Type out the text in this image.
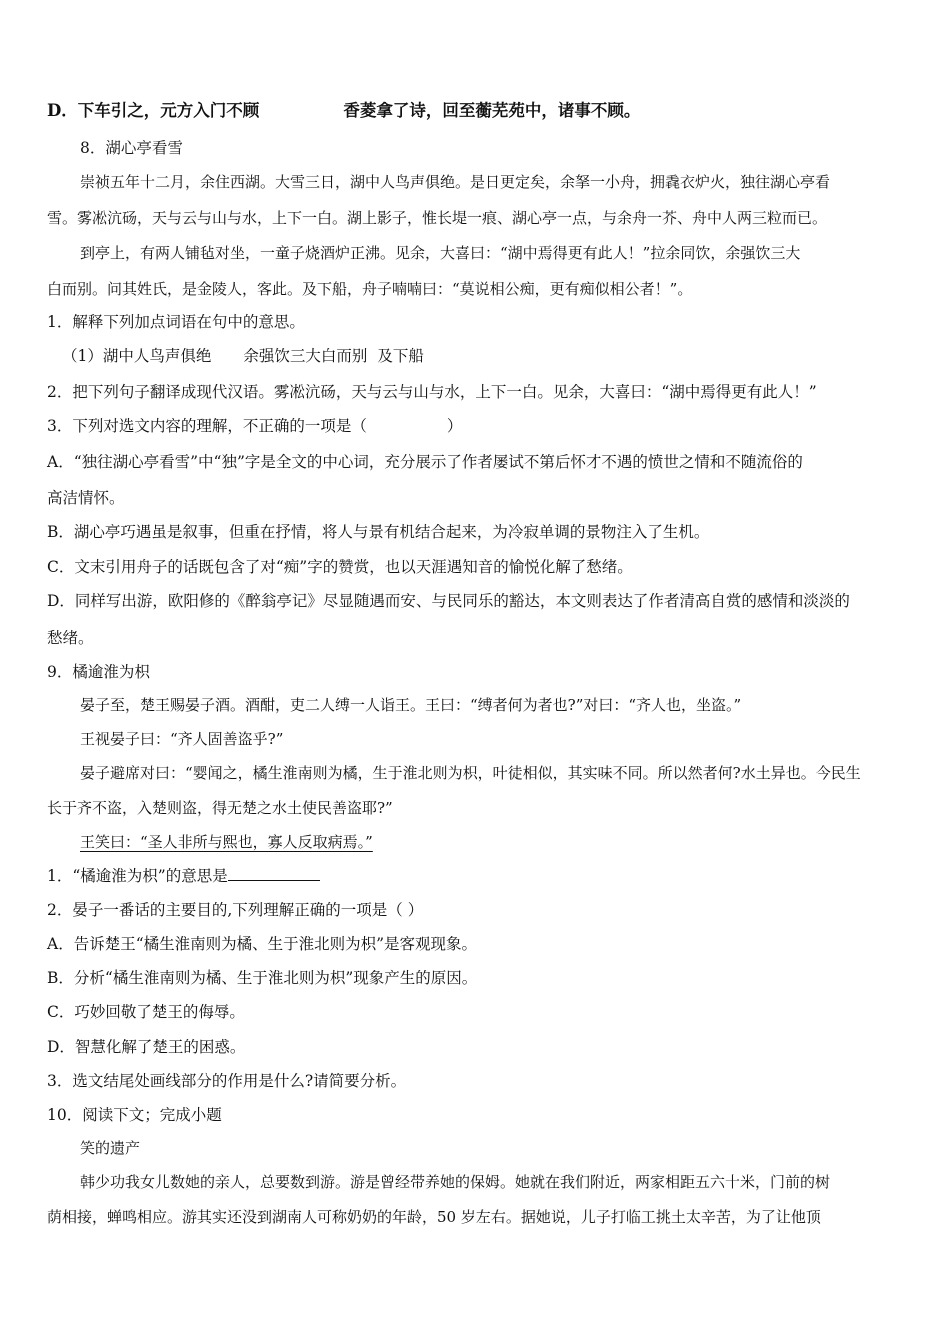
D．下车引之，元方入门不顾	香菱拿了诗，回至蘅芜苑中，诸事不顾。
8．湖心亭看雪
崇祯五年十二月，余住西湖。大雪三日，湖中人鸟声俱绝。是日更定矣，余拏一小舟，拥毳衣炉火，独往湖心亭看
雪。雾凇沆砀，天与云与山与水，上下一白。湖上影子，惟长堤一痕、湖心亭一点，与余舟一芥、舟中人两三粒而已。
到亭上，有两人铺毡对坐，一童子烧酒炉正沸。见余，大喜曰：“湖中焉得更有此人！”拉余同饮，余强饮三大
白而别。问其姓氏，是金陵人，客此。及下船，舟子喃喃曰：“莫说相公痴，更有痴似相公者！”。
1．解释下列加点词语在句中的意思。
（1）湖中人鸟声俱绝 余强饮三大白而别 及下船
2．把下列句子翻译成现代汉语。雾凇沆砀，天与云与山与水，上下一白。见余，大喜曰：“湖中焉得更有此人！”
3．下列对选文内容的理解，不正确的一项是（	）
A．“独往湖心亭看雪”中“独”字是全文的中心词，充分展示了作者屡试不第后怀才不遇的愤世之情和不随流俗的
高洁情怀。
B．湖心亭巧遇虽是叙事，但重在抒情，将人与景有机结合起来，为冷寂单调的景物注入了生机。
C．文末引用舟子的话既包含了对“痴”字的赞赏，也以天涯遇知音的愉悦化解了愁绪。
D．同样写出游，欧阳修的《醉翁亭记》尽显随遇而安、与民同乐的豁达，本文则表达了作者清高自赏的感情和淡淡的
愁绪。
9．橘逾淮为枳
晏子至，楚王赐晏子酒。酒酣，吏二人缚一人诣王。王曰：“缚者何为者也?”对曰：“齐人也，坐盗。”
王视晏子曰：“齐人固善盗乎?”
晏子避席对曰：“婴闻之，橘生淮南则为橘，生于淮北则为枳，叶徒相似，其实味不同。所以然者何?水土异也。今民生
长于齐不盗，入楚则盗，得无楚之水土使民善盗耶?”
王笑曰：“圣人非所与熙也，寡人反取病焉。”
1．“橘逾淮为枳”的意思是
2．晏子一番话的主要目的,下列理解正确的一项是（ ）
A．告诉楚王“橘生淮南则为橘、生于淮北则为枳”是客观现象。
B．分析“橘生淮南则为橘、生于淮北则为枳”现象产生的原因。
C．巧妙回敬了楚王的侮辱。
D．智慧化解了楚王的困惑。
3．选文结尾处画线部分的作用是什么?请简要分析。
10．阅读下文；完成小题
笑的遗产
韩少功我女儿数她的亲人，总要数到游。游是曾经带养她的保姆。她就在我们附近，两家相距五六十米，门前的树
荫相接，蝉鸣相应。游其实还没到湖南人可称奶奶的年龄，50 岁左右。据她说，儿子打临工挑土太辛苦，为了让他顶
